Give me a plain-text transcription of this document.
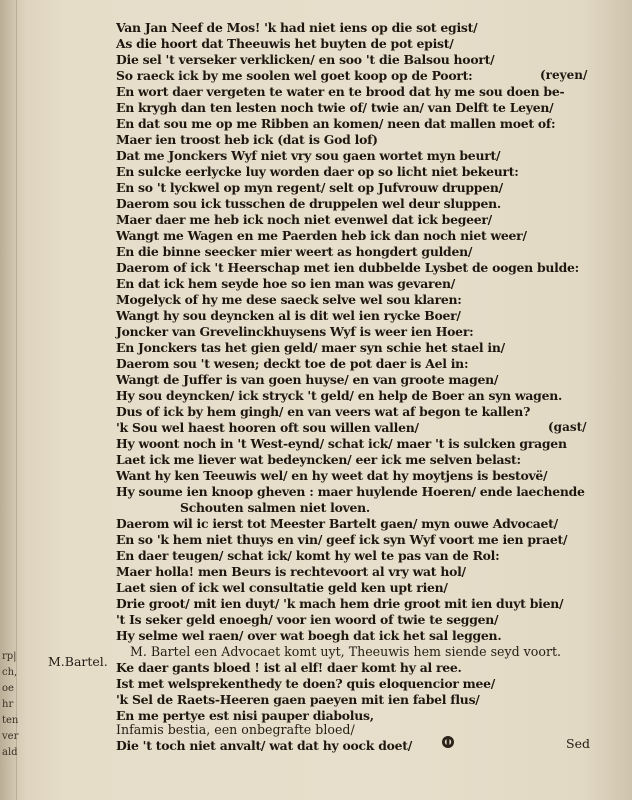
rp|
ch,
oe
hr
ten
ver
ald
Van Jan Neef de Mos! 'k had niet iens op die sot egist/
As die hoort dat Theeuwis het buyten de pot epist/
Die sel 't verseker verklicken/ en soo 't die Balsou hoort/
So raeck ick by me soolen wel goet koop op de Poort:
En wort daer vergeten te water en te brood dat hy me sou doen be-
En krygh dan ten lesten noch twie of/ twie an/ van Delft te Leyen/
En dat sou me op me Ribben an komen/ neen dat mallen moet of:
Maer ien troost heb ick (dat is God lof)
Dat me Jonckers Wyf niet vry sou gaen wortet myn beurt/
En sulcke eerlycke luy worden daer op so licht niet bekeurt:
En so 't lyckwel op myn regent/ selt op Jufvrouw druppen/
Daerom sou ick tusschen de druppelen wel deur sluppen.
Maer daer me heb ick noch niet evenwel dat ick begeer/
Wangt me Wagen en me Paerden heb ick dan noch niet weer/
En die binne seecker mier weert as hongdert gulden/
Daerom of ick 't Heerschap met ien dubbelde Lysbet de oogen bulde:
En dat ick hem seyde hoe so ien man was gevaren/
Mogelyck of hy me dese saeck selve wel sou klaren:
Wangt hy sou deyncken al is dit wel ien rycke Boer/
Joncker van Grevelinckhuysens Wyf is weer ien Hoer:
En Jonckers tas het gien geld/ maer syn schie het stael in/
Daerom sou 't wesen; deckt toe de pot daer is Ael in:
Wangt de Juffer is van goen huyse/ en van groote magen/
Hy sou deyncken/ ick stryck 't geld/ en help de Boer an syn wagen.
Dus of ick by hem gingh/ en van veers wat af begon te kallen?
'k Sou wel haest hooren oft sou willen vallen/
Hy woont noch in 't West-eynd/ schat ick/ maer 't is sulcken gragen
Laet ick me liever wat bedeyncken/ eer ick me selven belast:
Want hy ken Teeuwis wel/ en hy weet dat hy moytjens is bestovë/
Hy soume ien knoop gheven : maer huylende Hoeren/ ende laechende
Schouten salmen niet loven.
Daerom wil ic ierst tot Meester Bartelt gaen/ myn ouwe Advocaet/
En so 'k hem niet thuys en vin/ geef ick syn Wyf voort me ien praet/
En daer teugen/ schat ick/ komt hy wel te pas van de Rol:
Maer holla! men Beurs is rechtevoort al vry wat hol/
Laet sien of ick wel consultatie geld ken upt rien/
Drie groot/ mit ien duyt/ 'k mach hem drie groot mit ien duyt bien/
't Is seker geld enoegh/ voor ien woord of twie te seggen/
Hy selme wel raen/ over wat boegh dat ick het sal leggen.
M. Bartel een Advocaet komt uyt, Theeuwis hem siende seyd voort.
Ke daer gants bloed ! ist al elf! daer komt hy al ree.
Ist met welsprekenthedy te doen? quis eloquencior mee/
'k Sel de Raets-Heeren gaen paeyen mit ien fabel flus/
En me pertye est nisi pauper diabolus,
Infamis bestia, een onbegrafte bloed/
Die 't toch niet anvalt/ wat dat hy oock doet/
(reyen/
(gast/
M.Bartel.
Sed
